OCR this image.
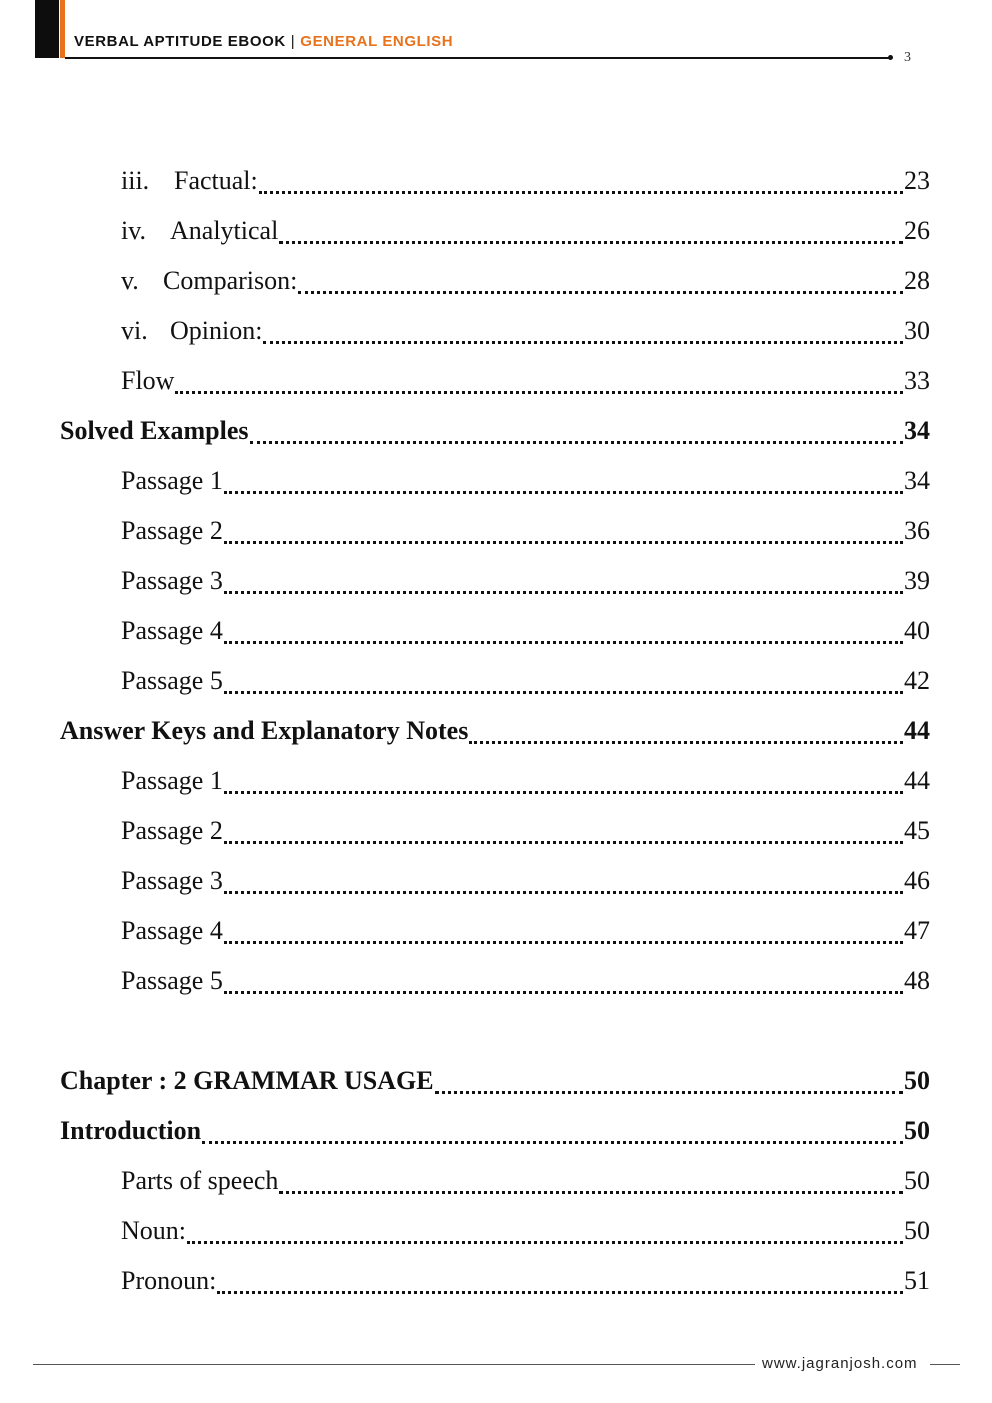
VERBAL APTITUDE EBOOK | GENERAL ENGLISH
3
iii. Factual:	23
iv. Analytical	26
v. Comparison:	28
vi. Opinion:	30
Flow	33
Solved Examples	34
Passage 1	34
Passage 2	36
Passage 3	39
Passage 4	40
Passage 5	42
Answer Keys and Explanatory Notes	44
Passage 1	44
Passage 2	45
Passage 3	46
Passage 4	47
Passage 5	48
Chapter : 2 GRAMMAR USAGE	50
Introduction	50
Parts of speech	50
Noun:	50
Pronoun:	51
www.jagranjosh.com
